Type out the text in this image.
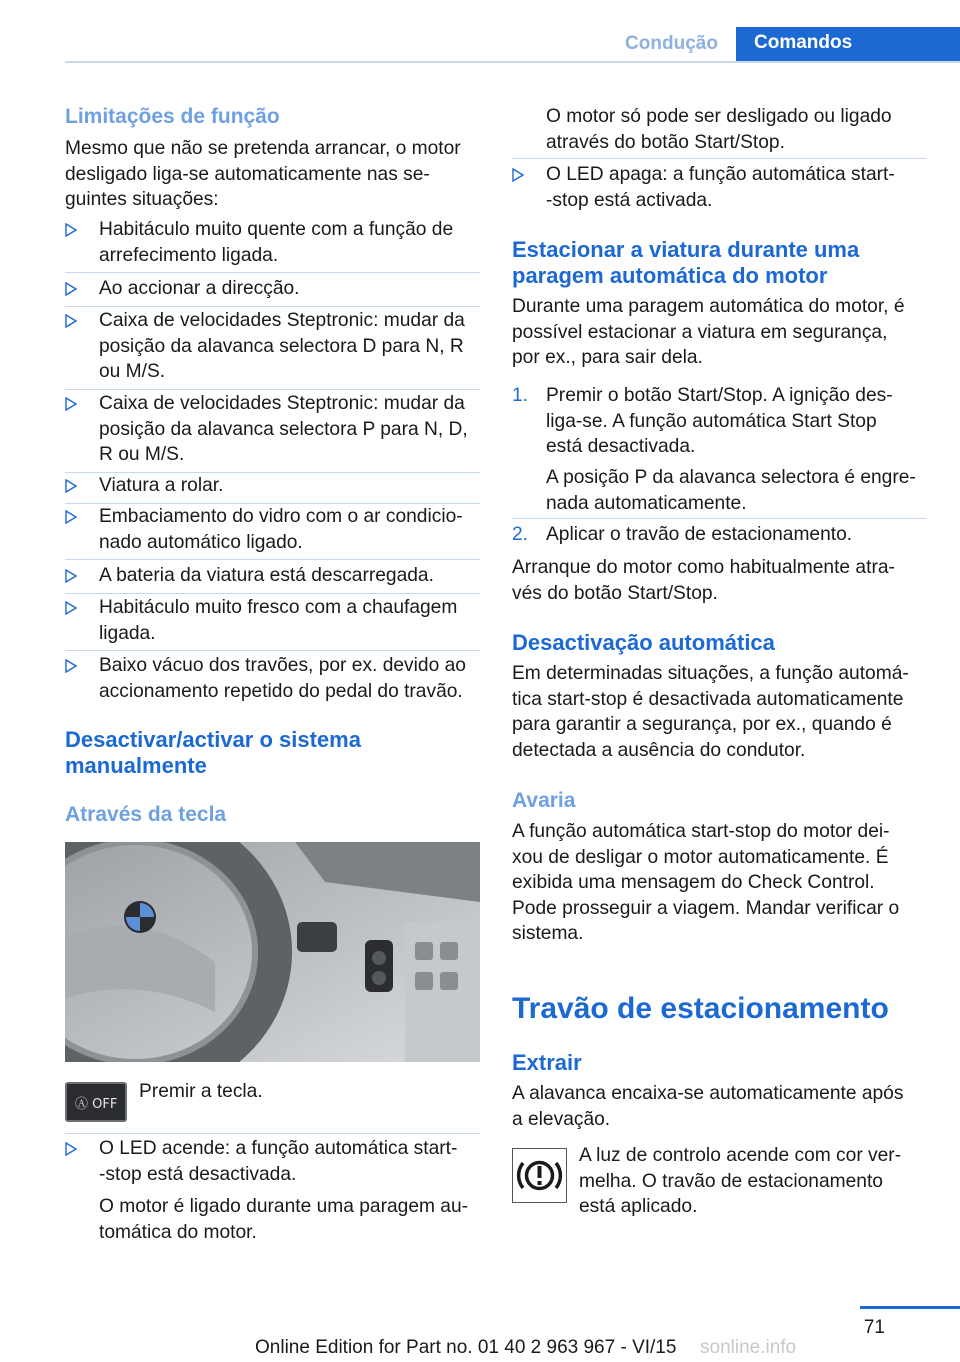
Condução	Comandos
Ⓐ OFF
71
Online Edition for Part no. 01 40 2 963 967 - VI/15 sonline.info
Limitações de função
Mesmo que não se pretenda arrancar, o motor
desligado liga-se automaticamente nas se-
guintes situações:
Habitáculo muito quente com a função de
arrefecimento ligada.
Ao accionar a direcção.
Caixa de velocidades Steptronic: mudar da
posição da alavanca selectora D para N, R
ou M/S.
Caixa de velocidades Steptronic: mudar da
posição da alavanca selectora P para N, D,
R ou M/S.
Viatura a rolar.
Embaciamento do vidro com o ar condicio-
nado automático ligado.
A bateria da viatura está descarregada.
Habitáculo muito fresco com a chaufagem
ligada.
Baixo vácuo dos travões, por ex. devido ao
accionamento repetido do pedal do travão.
Desactivar/activar o sistema
manualmente
Através da tecla
Premir a tecla.
O LED acende: a função automática start-
-stop está desactivada.
O motor é ligado durante uma paragem au-
tomática do motor.
O motor só pode ser desligado ou ligado
através do botão Start/Stop.
O LED apaga: a função automática start-
-stop está activada.
Estacionar a viatura durante uma
paragem automática do motor
Durante uma paragem automática do motor, é
possível estacionar a viatura em segurança,
por ex., para sair dela.
1. Premir o botão Start/Stop. A ignição des-
liga-se. A função automática Start Stop
está desactivada.
A posição P da alavanca selectora é engre-
nada automaticamente.
2. Aplicar o travão de estacionamento.
Arranque do motor como habitualmente atra-
vés do botão Start/Stop.
Desactivação automática
Em determinadas situações, a função automá-
tica start-stop é desactivada automaticamente
para garantir a segurança, por ex., quando é
detectada a ausência do condutor.
Avaria
A função automática start-stop do motor dei-
xou de desligar o motor automaticamente. É
exibida uma mensagem do Check Control.
Pode prosseguir a viagem. Mandar verificar o
sistema.
Travão de estacionamento
Extrair
A alavanca encaixa-se automaticamente após
a elevação.
A luz de controlo acende com cor ver-
melha. O travão de estacionamento
está aplicado.
